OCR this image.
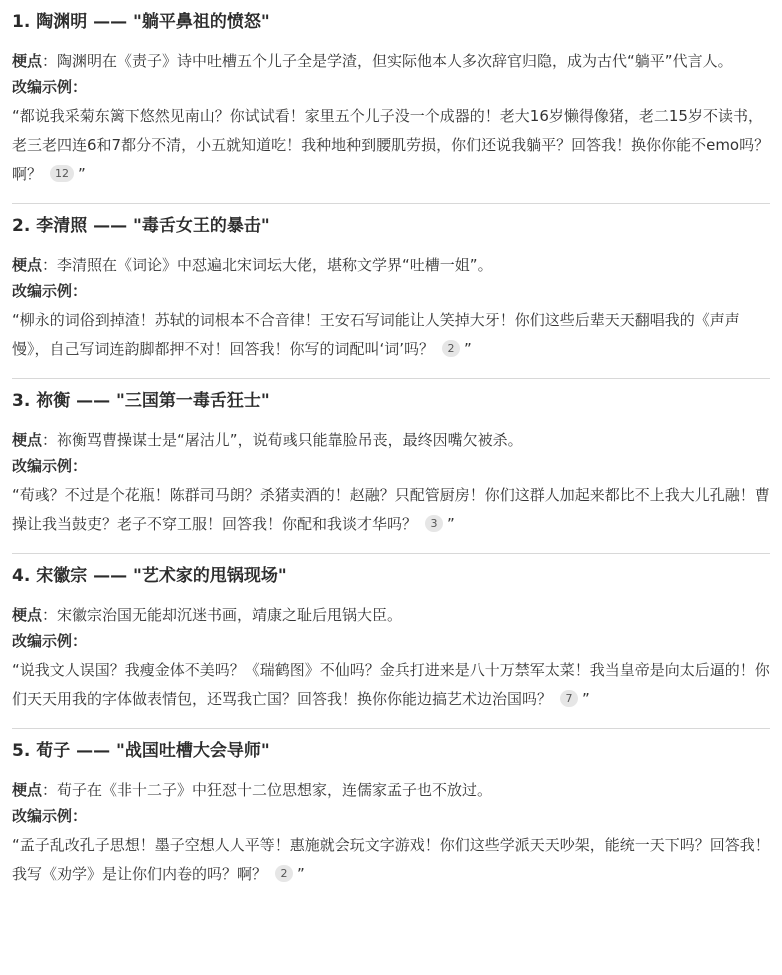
1. 陶渊明 —— "躺平鼻祖的愤怒"
梗点：陶渊明在《责子》诗中吐槽五个儿子全是学渣，但实际他本人多次辞官归隐，成为古代“躺平”代言人。
改编示例：
“都说我采菊东篱下悠然见南山？你试试看！家里五个儿子没一个成器的！老大16岁懒得像猪，老二15岁不读书，老三老四连6和7都分不清，小五就知道吃！我种地种到腰肌劳损，你们还说我躺平？回答我！换你你能不emo吗？啊？ 12 ”
2. 李清照 —— "毒舌女王的暴击"
梗点：李清照在《词论》中怼遍北宋词坛大佬，堪称文学界“吐槽一姐”。
改编示例：
“柳永的词俗到掉渣！苏轼的词根本不合音律！王安石写词能让人笑掉大牙！你们这些后辈天天翻唱我的《声声慢》，自己写词连韵脚都押不对！回答我！你写的词配叫‘词’吗？ 2 ”
3. 祢衡 —— "三国第一毒舌狂士"
梗点：祢衡骂曹操谋士是“屠沽儿”，说荀彧只能靠脸吊丧，最终因嘴欠被杀。
改编示例：
“荀彧？不过是个花瓶！陈群司马朗？杀猪卖酒的！赵融？只配管厨房！你们这群人加起来都比不上我大儿孔融！曹操让我当鼓吏？老子不穿工服！回答我！你配和我谈才华吗？ 3 ”
4. 宋徽宗 —— "艺术家的甩锅现场"
梗点：宋徽宗治国无能却沉迷书画，靖康之耻后甩锅大臣。
改编示例：
“说我文人误国？我瘦金体不美吗？《瑞鹤图》不仙吗？金兵打进来是八十万禁军太菜！我当皇帝是向太后逼的！你们天天用我的字体做表情包，还骂我亡国？回答我！换你你能边搞艺术边治国吗？ 7 ”
5. 荀子 —— "战国吐槽大会导师"
梗点：荀子在《非十二子》中狂怼十二位思想家，连儒家孟子也不放过。
改编示例：
“孟子乱改孔子思想！墨子空想人人平等！惠施就会玩文字游戏！你们这些学派天天吵架，能统一天下吗？回答我！我写《劝学》是让你们内卷的吗？啊？ 2 ”
